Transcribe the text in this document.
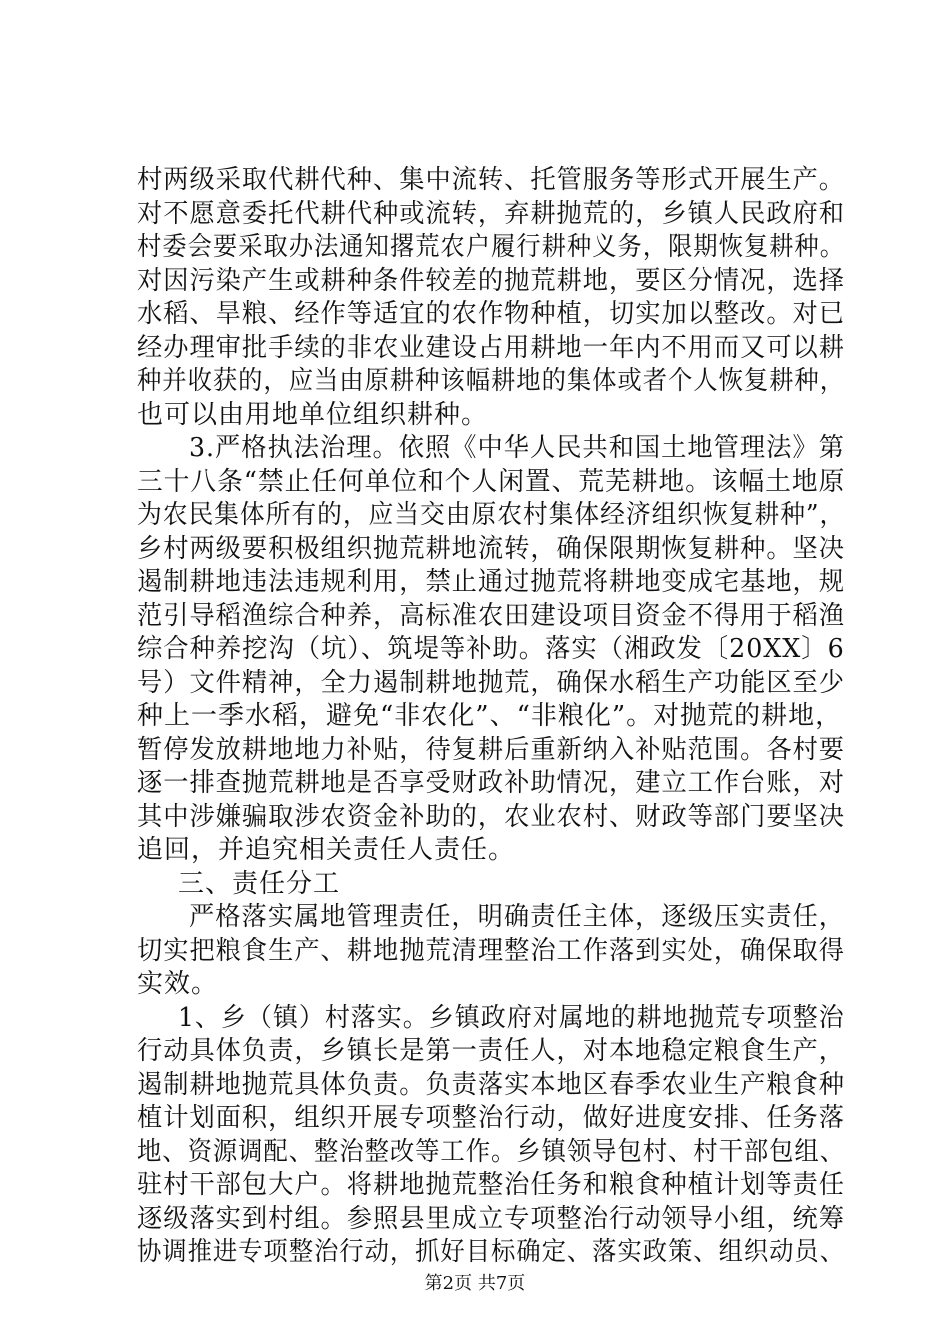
村两级采取代耕代种、集中流转、托管服务等形式开展生产。
对不愿意委托代耕代种或流转，弃耕抛荒的，乡镇人民政府和
村委会要采取办法通知撂荒农户履行耕种义务，限期恢复耕种。
对因污染产生或耕种条件较差的抛荒耕地，要区分情况，选择
水稻、旱粮、经作等适宜的农作物种植，切实加以整改。对已
经办理审批手续的非农业建设占用耕地一年内不用而又可以耕
种并收获的，应当由原耕种该幅耕地的集体或者个人恢复耕种，
也可以由用地单位组织耕种。
3.严格执法治理。依照《中华人民共和国土地管理法》第
三十八条“禁止任何单位和个人闲置、荒芜耕地。该幅土地原
为农民集体所有的，应当交由原农村集体经济组织恢复耕种”，
乡村两级要积极组织抛荒耕地流转，确保限期恢复耕种。坚决
遏制耕地违法违规利用，禁止通过抛荒将耕地变成宅基地，规
范引导稻渔综合种养，高标准农田建设项目资金不得用于稻渔
综合种养挖沟（坑）、筑堤等补助。落实（湘政发〔20XX〕6
号）文件精神，全力遏制耕地抛荒，确保水稻生产功能区至少
种上一季水稻，避免“非农化”、“非粮化”。对抛荒的耕地，
暂停发放耕地地力补贴，待复耕后重新纳入补贴范围。各村要
逐一排查抛荒耕地是否享受财政补助情况，建立工作台账，对
其中涉嫌骗取涉农资金补助的，农业农村、财政等部门要坚决
追回，并追究相关责任人责任。
三、责任分工
严格落实属地管理责任，明确责任主体，逐级压实责任，
切实把粮食生产、耕地抛荒清理整治工作落到实处，确保取得
实效。
1、乡（镇）村落实。乡镇政府对属地的耕地抛荒专项整治
行动具体负责，乡镇长是第一责任人，对本地稳定粮食生产，
遏制耕地抛荒具体负责。负责落实本地区春季农业生产粮食种
植计划面积，组织开展专项整治行动，做好进度安排、任务落
地、资源调配、整治整改等工作。乡镇领导包村、村干部包组、
驻村干部包大户。将耕地抛荒整治任务和粮食种植计划等责任
逐级落实到村组。参照县里成立专项整治行动领导小组，统筹
协调推进专项整治行动，抓好目标确定、落实政策、组织动员、
第2页 共7页
